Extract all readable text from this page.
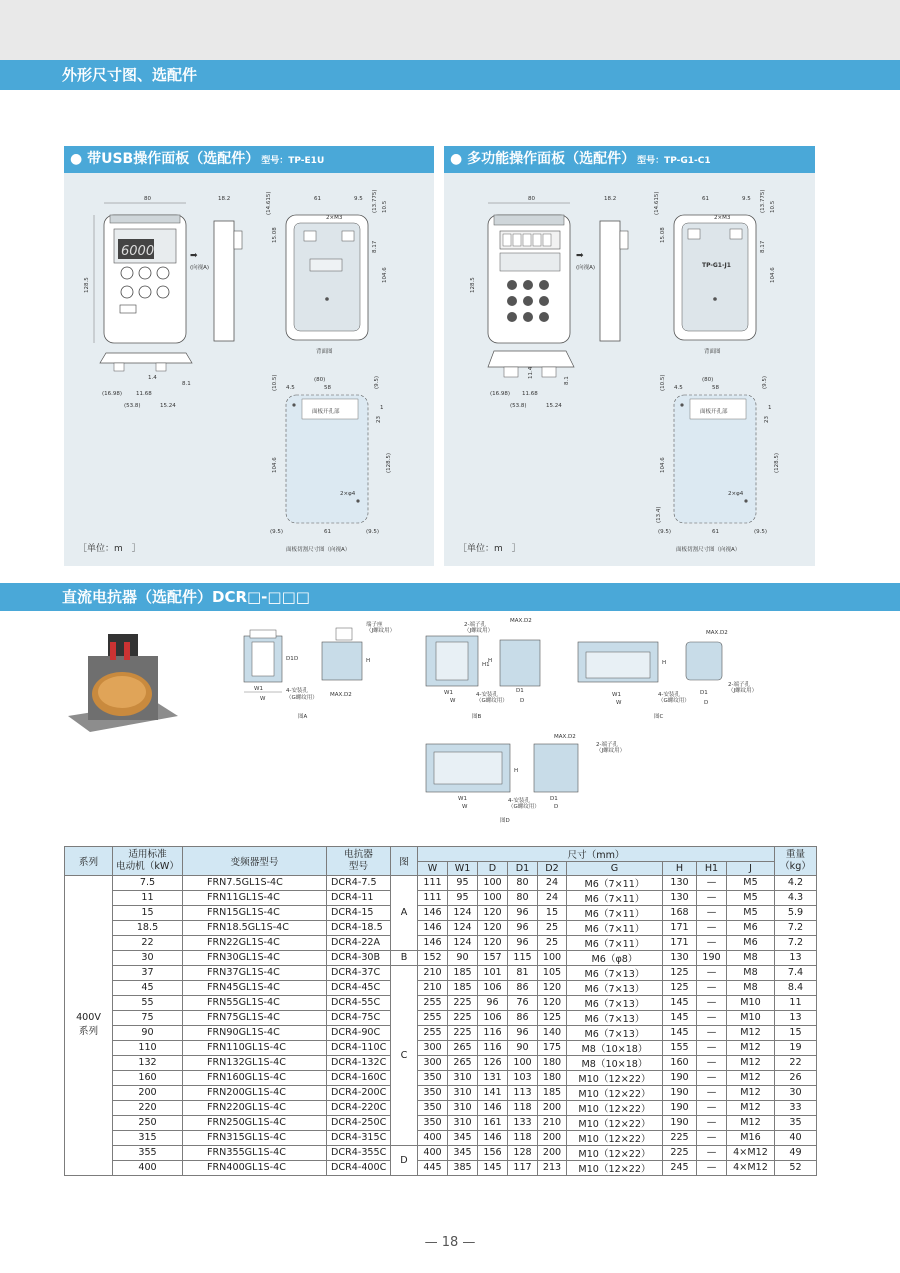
外形尺寸图、选配件
● 带USB操作面板（选配件） 型号：TP-E1U
6000
80
128.5
18.2
➡
(向视A)
61	9.5
2×M3
15.08
(14.615)	(13.775) 10.5
8.17
104.6
背面图
(16.98)	11.68
(53.8)	15.24
1.4
8.1
面板开孔部
(80)
4.5	58
(10.5)	(9.5)
1
23
104.6	(128.5)
2×φ4
(9.5)	61	(9.5)
面板切割尺寸图（向视A）
［单位：m　］
● 多功能操作面板（选配件） 型号：TP-G1-C1
80
128.5
18.2
➡
(向视A)	TP-G1-J1
61	9.5
2×M3
15.08
(14.615)	(13.775) 10.5
8.17
104.6
背面图
(16.98) 11.68
(53.8)	15.24
11.4
8.1
面板开孔部
(80)
4.5	58
(10.5)	(9.5)
1
23
104.6	(128.5)
2×φ4
(13.4)
(9.5)	61	(9.5)
面板切割尺寸图（向视A）
［单位：m　］
直流电抗器（选配件）DCR□-□□□
W1
W
D1 D
端子座
（J螺纹用）
H
4-安装孔
（G螺纹用） MAX.D2
图A
2-端子孔
（J螺纹用）
MAX.D2
H
H1
W1
W
4-安装孔
（G螺纹用）
D1
D
图B
MAX.D2
H
W1
W
4-安装孔
（G螺纹用）
D1
D
2-端子孔
（J螺纹用）
图C
MAX.D2
2-端子孔
（J螺纹用）
H
W1
W
4-安装孔
（G螺纹用）
D1
D
图D
系列	适用标准
电动机（kW）	变频器型号	电抗器
型号	图	尺寸（mm）									重量
（kg）
					W	W1	D	D1	D2	G	H	H1	J	
400V
系列	7.5	FRN7.5GL1S-4C	DCR4-7.5	A	111	95	100	80	24	M6（7×11）	130	—	M5	4.2
	11	FRN11GL1S-4C	DCR4-11		111	95	100	80	24	M6（7×11）	130	—	M5	4.3
	15	FRN15GL1S-4C	DCR4-15		146	124	120	96	15	M6（7×11）	168	—	M5	5.9
	18.5	FRN18.5GL1S-4C	DCR4-18.5		146	124	120	96	25	M6（7×11）	171	—	M6	7.2
	22	FRN22GL1S-4C	DCR4-22A		146	124	120	96	25	M6（7×11）	171	—	M6	7.2
	30	FRN30GL1S-4C	DCR4-30B	B	152	90	157	115	100	M6（φ8）	130	190	M8	13
	37	FRN37GL1S-4C	DCR4-37C	C	210	185	101	81	105	M6（7×13）	125	—	M8	7.4
	45	FRN45GL1S-4C	DCR4-45C		210	185	106	86	120	M6（7×13）	125	—	M8	8.4
	55	FRN55GL1S-4C	DCR4-55C		255	225	96	76	120	M6（7×13）	145	—	M10	11
	75	FRN75GL1S-4C	DCR4-75C		255	225	106	86	125	M6（7×13）	145	—	M10	13
	90	FRN90GL1S-4C	DCR4-90C		255	225	116	96	140	M6（7×13）	145	—	M12	15
	110	FRN110GL1S-4C	DCR4-110C		300	265	116	90	175	M8（10×18）	155	—	M12	19
	132	FRN132GL1S-4C	DCR4-132C		300	265	126	100	180	M8（10×18）	160	—	M12	22
	160	FRN160GL1S-4C	DCR4-160C		350	310	131	103	180	M10（12×22）	190	—	M12	26
	200	FRN200GL1S-4C	DCR4-200C		350	310	141	113	185	M10（12×22）	190	—	M12	30
	220	FRN220GL1S-4C	DCR4-220C		350	310	146	118	200	M10（12×22）	190	—	M12	33
	250	FRN250GL1S-4C	DCR4-250C		350	310	161	133	210	M10（12×22）	190	—	M12	35
	315	FRN315GL1S-4C	DCR4-315C		400	345	146	118	200	M10（12×22）	225	—	M16	40
	355	FRN355GL1S-4C	DCR4-355C	D	400	345	156	128	200	M10（12×22）	225	—	4×M12	49
	400	FRN400GL1S-4C	DCR4-400C		445	385	145	117	213	M10（12×22）	245	—	4×M12	52
— 18 —
